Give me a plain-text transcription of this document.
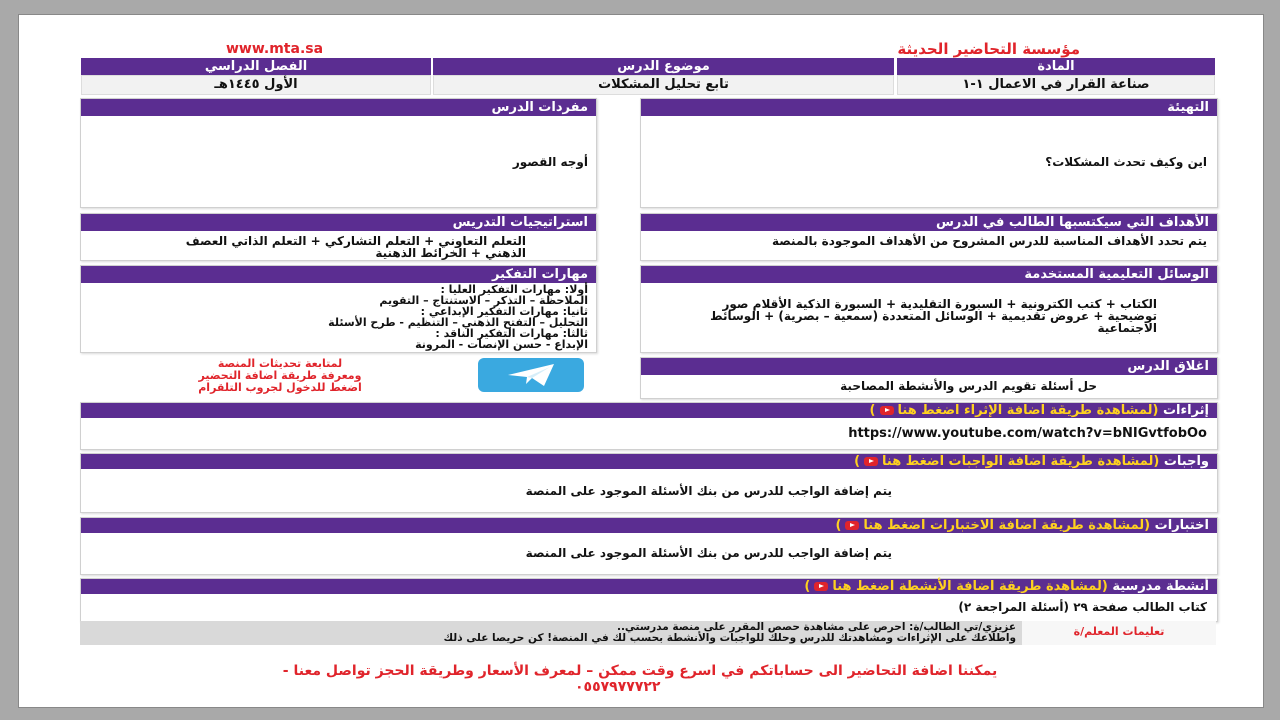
مؤسسة التحاضير الحديثة
www.mta.sa
المادة
موضوع الدرس
الفصل الدراسي
صناعة القرار في الاعمال ١-١
تابع تحليل المشكلات
الأول ١٤٤٥هـ
التهيئة
اين وكيف تحدث المشكلات؟
مفردات الدرس
أوجه القصور
الأهداف التي سيكتسبها الطالب في الدرس
يتم تحدد الأهداف المناسبة للدرس المشروح من الأهداف الموجودة بالمنصة
استراتيجيات التدريس
التعلم التعاوني + التعلم التشاركي + التعلم الذاتي العصف الذهني + الخرائط الذهنية
الوسائل التعليمية المستخدمة
الكتاب + كتب الكترونية + السبورة التقليدية + السبورة الذكية الأقلام صور توضيحية + عروض تقديمية + الوسائل المتعددة (سمعية – بصرية) + الوسائط الاجتماعية
مهارات التفكير
أولا: مهارات التفكير العليا :
الملاحظة – التذكر – الاستنتاج – التقويم
ثانيا: مهارات التفكير الإبداعي :
التحليل – التفتح الذهني – التنظيم - طرح الأسئلة
ثالثا: مهارات التفكير الناقد :
الإبداع - حسن الإنصات - المرونة
اغلاق الدرس
حل أسئلة تقويم الدرس والأنشطة المصاحبة
لمتابعة تحديثات المنصة
ومعرفة طريقة اضافة التحضير
اضغط للدخول لجروب التلقرام
إثراءات (لمشاهدة طريقة اضافة الإثراء اضغط هنا)
https://www.youtube.com/watch?v=bNIGvtfobOo
واجبات (لمشاهدة طريقة اضافة الواجبات اضغط هنا)
يتم إضافة الواجب للدرس من بنك الأسئلة الموجود على المنصة
اختبارات (لمشاهدة طريقة اضافة الاختبارات اضغط هنا)
يتم إضافة الواجب للدرس من بنك الأسئلة الموجود على المنصة
أنشطة مدرسية (لمشاهدة طريقة اضافة الأنشطة اضغط هنا)
كتاب الطالب صفحة ٢٩ (أسئلة المراجعة ٢)
عزيزي/تي الطالب/ة: احرص على مشاهدة حصص المقرر على منصة مدرستي..
واطلاعك على الإثراءات ومشاهدتك للدرس وحلك للواجبات والأنشطة بحسب لك في المنصة! كن حريصا على ذلك	تعليمات المعلم/ة
يمكننا اضافة التحاضير الى حساباتكم في اسرع وقت ممكن – لمعرف الأسعار وطريقة الحجز تواصل معنا -
٠٥٥٧٩٧٧٧٢٢
